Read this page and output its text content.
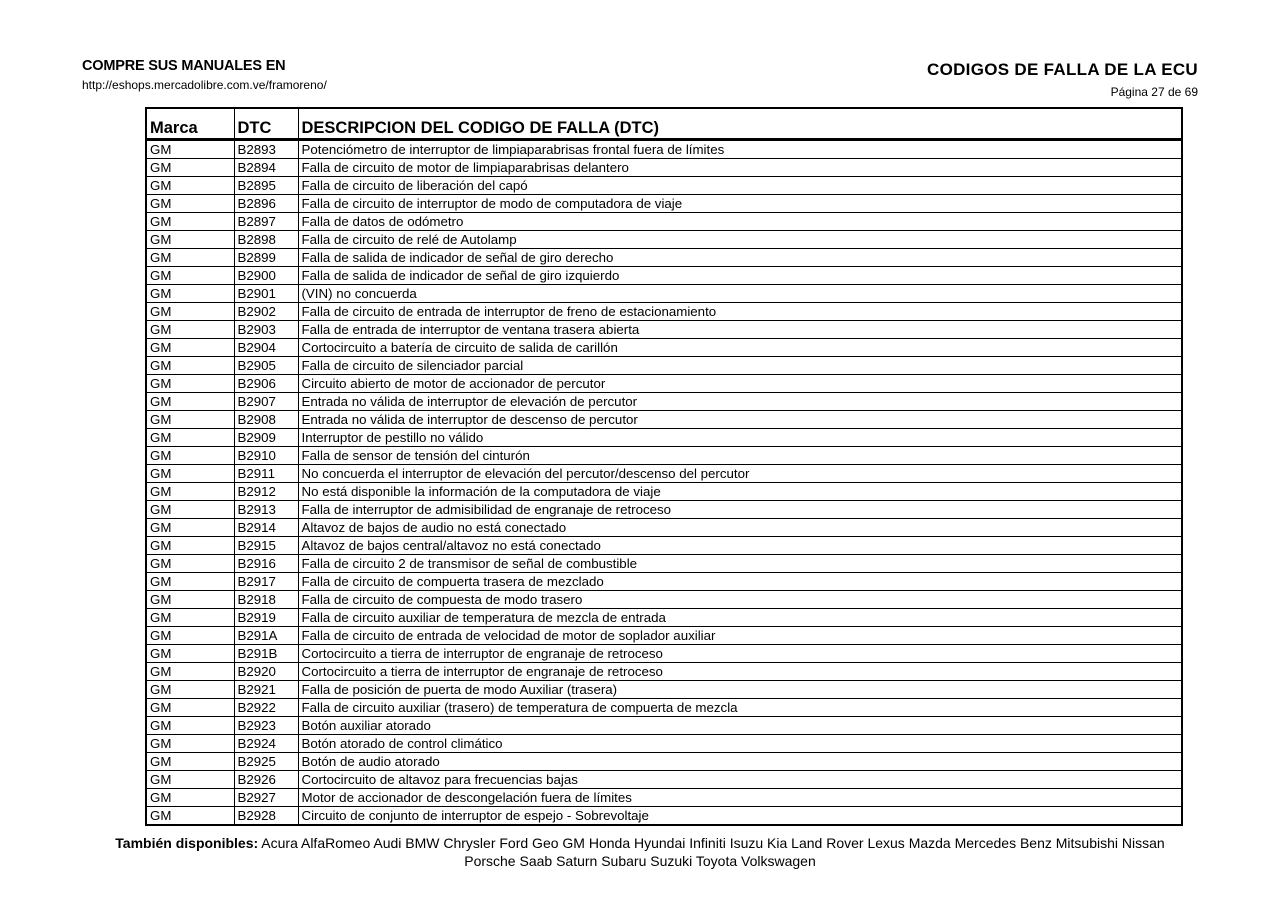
COMPRE SUS MANUALES EN
http://eshops.mercadolibre.com.ve/framoreno/
CODIGOS DE FALLA DE LA ECU
Página 27 de 69
Marca	DTC	DESCRIPCION DEL CODIGO DE FALLA (DTC)
GM	B2893	Potenciómetro de interruptor de limpiaparabrisas frontal fuera de límites
GM	B2894	Falla de circuito de motor de limpiaparabrisas delantero
GM	B2895	Falla de circuito de liberación del capó
GM	B2896	Falla de circuito de interruptor de modo de computadora de viaje
GM	B2897	Falla de datos de odómetro
GM	B2898	Falla de circuito de relé de Autolamp
GM	B2899	Falla de salida de indicador de señal de giro derecho
GM	B2900	Falla de salida de indicador de señal de giro izquierdo
GM	B2901	(VIN) no concuerda
GM	B2902	Falla de circuito de entrada de interruptor de freno de estacionamiento
GM	B2903	Falla de entrada de interruptor de ventana trasera abierta
GM	B2904	Cortocircuito a batería de circuito de salida de carillón
GM	B2905	Falla de circuito de silenciador parcial
GM	B2906	Circuito abierto de motor de accionador de percutor
GM	B2907	Entrada no válida de interruptor de elevación de percutor
GM	B2908	Entrada no válida de interruptor de descenso de percutor
GM	B2909	Interruptor de pestillo no válido
GM	B2910	Falla de sensor de tensión del cinturón
GM	B2911	No concuerda el interruptor de elevación del percutor/descenso del percutor
GM	B2912	No está disponible la información de la computadora de viaje
GM	B2913	Falla de interruptor de admisibilidad de engranaje de retroceso
GM	B2914	Altavoz de bajos de audio no está conectado
GM	B2915	Altavoz de bajos central/altavoz no está conectado
GM	B2916	Falla de circuito 2 de transmisor de señal de combustible
GM	B2917	Falla de circuito de compuerta trasera de mezclado
GM	B2918	Falla de circuito de compuesta de modo trasero
GM	B2919	Falla de circuito auxiliar de temperatura de mezcla de entrada
GM	B291A	Falla de circuito de entrada de velocidad de motor de soplador auxiliar
GM	B291B	Cortocircuito a tierra de interruptor de engranaje de retroceso
GM	B2920	Cortocircuito a tierra de interruptor de engranaje de retroceso
GM	B2921	Falla de posición de puerta de modo Auxiliar (trasera)
GM	B2922	Falla de circuito auxiliar (trasero) de temperatura de compuerta de mezcla
GM	B2923	Botón auxiliar atorado
GM	B2924	Botón atorado de control climático
GM	B2925	Botón de audio atorado
GM	B2926	Cortocircuito de altavoz para frecuencias bajas
GM	B2927	Motor de accionador de descongelación fuera de límites
GM	B2928	Circuito de conjunto de interruptor de espejo - Sobrevoltaje
También disponibles: Acura AlfaRomeo Audi BMW Chrysler Ford Geo GM Honda Hyundai Infiniti Isuzu Kia Land Rover Lexus Mazda Mercedes Benz Mitsubishi Nissan
Porsche Saab Saturn Subaru Suzuki Toyota Volkswagen
